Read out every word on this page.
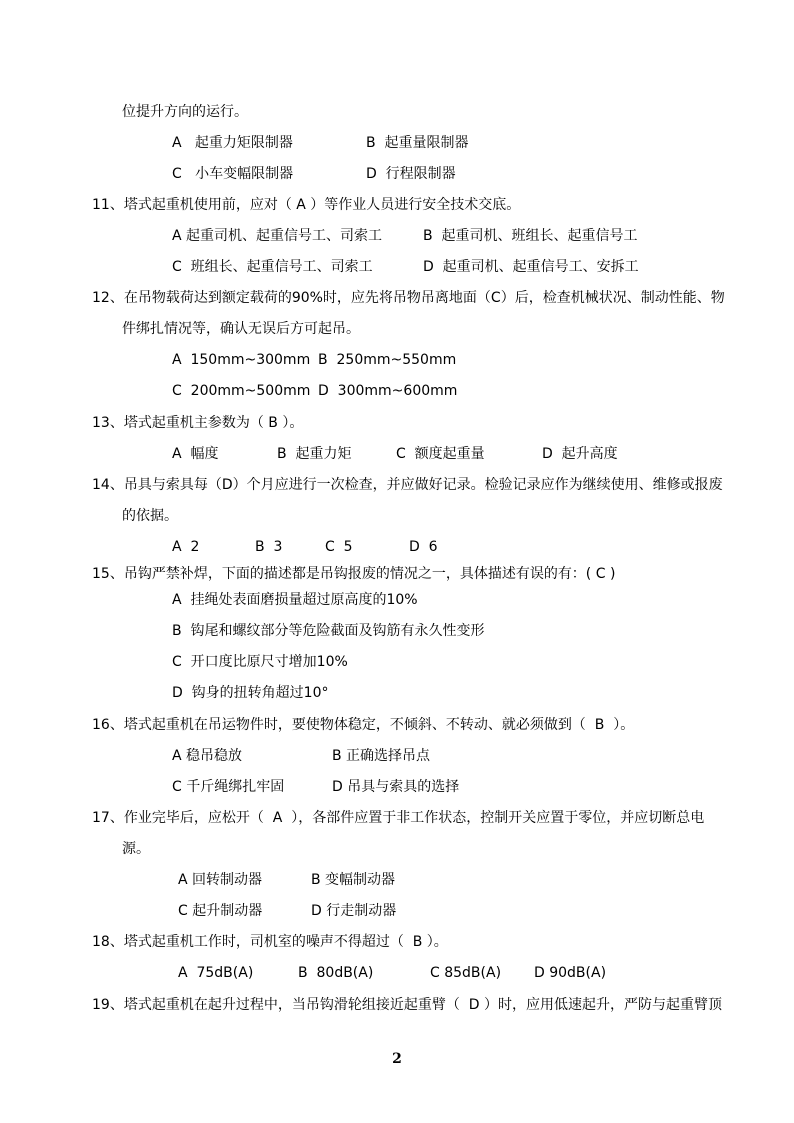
位提升方向的运行。
A   起重力矩限制器	B  起重量限制器
C   小车变幅限制器	D  行程限制器
11、塔式起重机使用前，应对（ A ）等作业人员进行安全技术交底。
A 起重司机、起重信号工、司索工	B  起重司机、班组长、起重信号工
C  班组长、起重信号工、司索工	D  起重司机、起重信号工、安拆工
12、在吊物载荷达到额定载荷的90%时，应先将吊物吊离地面（C）后，检查机械状况、制动性能、物
件绑扎情况等，确认无误后方可起吊。
A  150mm~300mm B  250mm~550mm
C  200mm~500mm D  300mm~600mm
13、塔式起重机主参数为（ B ）。
A  幅度	B  起重力矩	C  额度起重量	D  起升高度
14、吊具与索具每（D）个月应进行一次检查，并应做好记录。检验记录应作为继续使用、维修或报废
的依据。
A  2	B  3	C  5	D  6
15、吊钩严禁补焊，下面的描述都是吊钩报废的情况之一，具体描述有误的有：( C )
A  挂绳处表面磨损量超过原高度的10%
B  钩尾和螺纹部分等危险截面及钩筋有永久性变形
C  开口度比原尺寸增加10%
D  钩身的扭转角超过10°
16、塔式起重机在吊运物件时，要使物体稳定，不倾斜、不转动、就必须做到（  B  ）。
A 稳吊稳放	B 正确选择吊点
C 千斤绳绑扎牢固	D 吊具与索具的选择
17、作业完毕后，应松开（  A  ），各部件应置于非工作状态，控制开关应置于零位，并应切断总电
源。
A 回转制动器	B 变幅制动器
C 起升制动器	D 行走制动器
18、塔式起重机工作时，司机室的噪声不得超过（  B ）。
A  75dB(A)	B  80dB(A)	C 85dB(A) D 90dB(A)
19、塔式起重机在起升过程中，当吊钩滑轮组接近起重臂（  D ）时，应用低速起升，严防与起重臂顶
2
